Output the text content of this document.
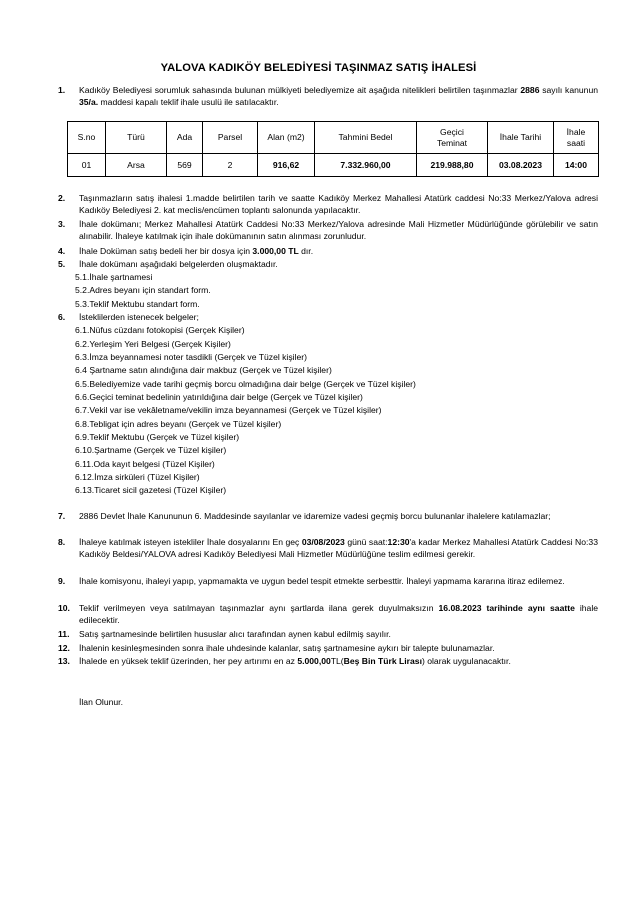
YALOVA KADIKÖY BELEDİYESİ TAŞINMAZ SATIŞ İHALESİ
1. Kadıköy Belediyesi sorumluk sahasında bulunan mülkiyeti belediyemize ait aşağıda nitelikleri belirtilen taşınmazlar 2886 sayılı kanunun 35/a. maddesi kapalı teklif ihale usulü ile satılacaktır.
S.no	Türü	Ada	Parsel	Alan (m2)	Tahmini Bedel	Geçici Teminat	İhale Tarihi	İhale saati
01	Arsa	569	2	916,62	7.332.960,00	219.988,80	03.08.2023	14:00
2. Taşınmazların satış ihalesi 1.madde belirtilen tarih ve saatte Kadıköy Merkez Mahallesi Atatürk caddesi No:33 Merkez/Yalova adresi Kadıköy Belediyesi 2. kat meclis/encümen toplantı salonunda yapılacaktır.
3. İhale dokümanı; Merkez Mahallesi Atatürk Caddesi No:33 Merkez/Yalova adresinde Mali Hizmetler Müdürlüğünde görülebilir ve satın alınabilir. İhaleye katılmak için ihale dokümanının satın alınması zorunludur.
4. İhale Doküman satış bedeli her bir dosya için 3.000,00 TL dır.
5. İhale dokümanı aşağıdaki belgelerden oluşmaktadır.
5.1.İhale şartnamesi
5.2.Adres beyanı için standart form.
5.3.Teklif Mektubu standart form.
6. İsteklilerden istenecek belgeler;
6.1.Nüfus cüzdanı fotokopisi (Gerçek Kişiler)
6.2.Yerleşim Yeri Belgesi (Gerçek Kişiler)
6.3.İmza beyannamesi noter tasdikli (Gerçek ve Tüzel kişiler)
6.4 Şartname satın alındığına dair makbuz (Gerçek ve Tüzel kişiler)
6.5.Belediyemize vade tarihi geçmiş borcu olmadığına dair belge (Gerçek ve Tüzel kişiler)
6.6.Geçici teminat bedelinin yatırıldığına dair belge (Gerçek ve Tüzel kişiler)
6.7.Vekil var ise vekâletname/vekilin imza beyannamesi (Gerçek ve Tüzel kişiler)
6.8.Tebligat için adres beyanı (Gerçek ve Tüzel kişiler)
6.9.Teklif Mektubu (Gerçek ve Tüzel kişiler)
6.10.Şartname (Gerçek ve Tüzel kişiler)
6.11.Oda kayıt belgesi (Tüzel Kişiler)
6.12.İmza sirküleri (Tüzel Kişiler)
6.13.Ticaret sicil gazetesi (Tüzel Kişiler)
7. 2886 Devlet İhale Kanununun 6. Maddesinde sayılanlar ve idaremize vadesi geçmiş borcu bulunanlar ihalelere katılamazlar;
8. İhaleye katılmak isteyen istekliler İhale dosyalarını En geç 03/08/2023 günü saat:12:30'a kadar Merkez Mahallesi Atatürk Caddesi No:33 Kadıköy Beldesi/YALOVA adresi Kadıköy Belediyesi Mali Hizmetler Müdürlüğüne teslim edilmesi gerekir.
9. İhale komisyonu, ihaleyi yapıp, yapmamakta ve uygun bedel tespit etmekte serbesttir. İhaleyi yapmama kararına itiraz edilemez.
10. Teklif verilmeyen veya satılmayan taşınmazlar aynı şartlarda ilana gerek duyulmaksızın 16.08.2023 tarihinde aynı saatte ihale edilecektir.
11. Satış şartnamesinde belirtilen hususlar alıcı tarafından aynen kabul edilmiş sayılır.
12. İhalenin kesinleşmesinden sonra ihale uhdesinde kalanlar, satış şartnamesine aykırı bir talepte bulunamazlar.
13. İhalede en yüksek teklif üzerinden, her pey artırımı en az 5.000,00TL(Beş Bin Türk Lirası) olarak uygulanacaktır.
İlan Olunur.
